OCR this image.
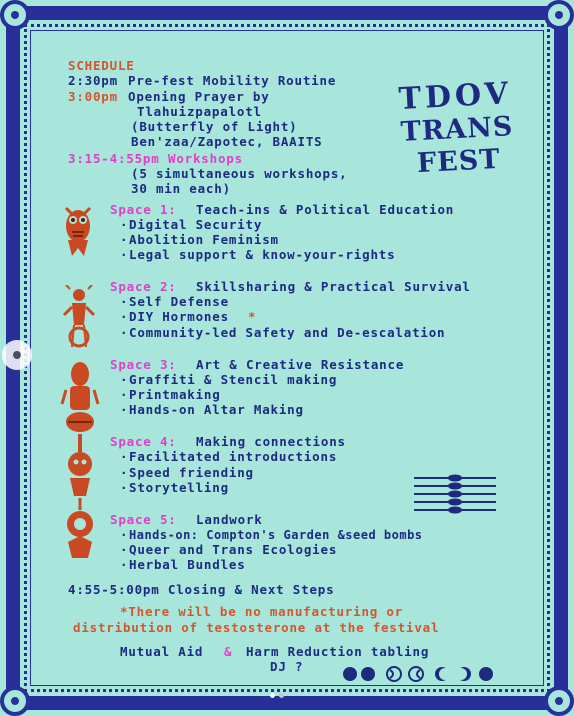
TDOV
TRANS FEST
SCHEDULE
2:30pm Pre-fest Mobility Routine
3:00pm Opening Prayer by
Tlahuizpapalotl
(Butterfly of Light)
Ben'zaa/Zapotec, BAAITS
3:15-4:55pm Workshops
(5 simultaneous workshops,
30 min each)
Space 1: Teach-ins & Political Education
· Digital Security
· Abolition Feminism
· Legal support & know-your-rights
Space 2: Skillsharing & Practical Survival
· Self Defense
· DIY Hormones *
· Community-led Safety and De-escalation
Space 3: Art & Creative Resistance
· Graffiti & Stencil making
· Printmaking
· Hands-on Altar Making
Space 4: Making connections
· Facilitated introductions
· Speed friending
· Storytelling
Space 5: Landwork
· Hands-on: Compton's Garden &seed bombs
· Queer and Trans Ecologies
· Herbal Bundles
4:55-5:00pm Closing & Next Steps
*There will be no manufacturing or
distribution of testosterone at the festival
Mutual Aid & Harm Reduction tabling
DJ ?
